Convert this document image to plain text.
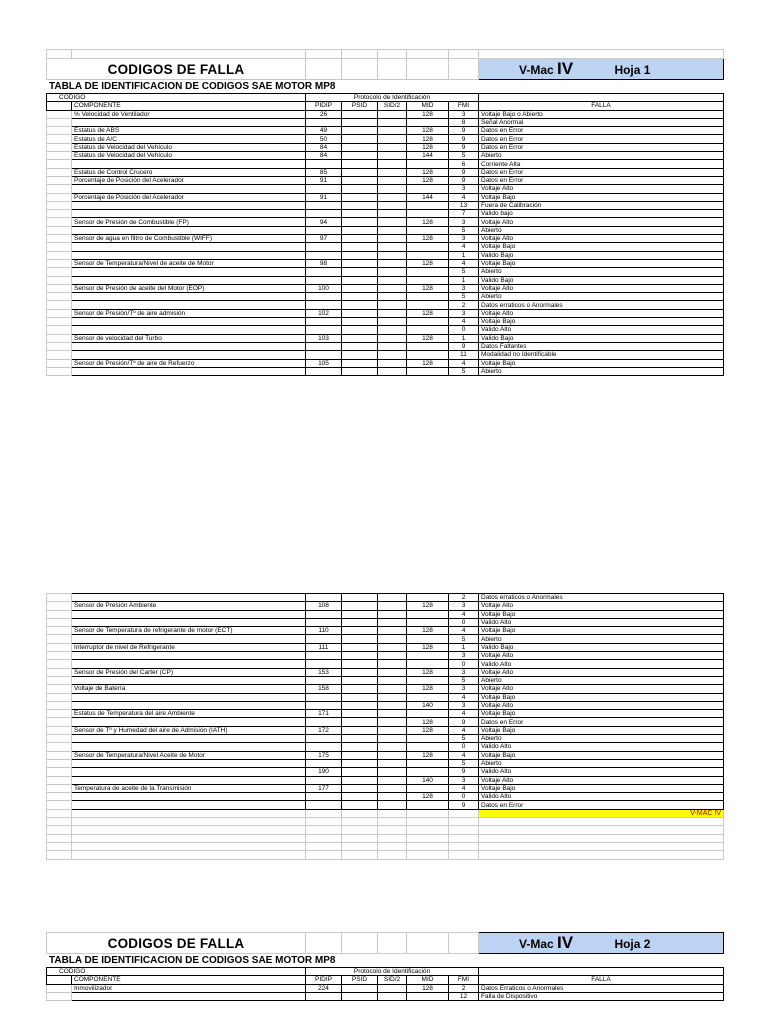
CODIGOS DE FALLA							V-Mac IV Hoja 1
TABLA DE IDENTIFICACION DE CODIGOS SAE MOTOR MP8
CODIGO		Protocolo de Identificación					
	COMPONENTE	PIDIP	PSID	SID/2	MID	FMI	FALLA
	% Velocidad de Ventilador	26			128	3	Voltaje Bajo o Abierto
						8	Señal Anormal
	Estatus de ABS	49			128	9	Datos en Error
	Estatus de A/C	50			128	9	Datos en Error
	Estatus de Velocidad del Vehículo	84			128	9	Datos en Error
	Estatus de Velocidad del Vehículo	84			144	5	Abierto
						6	Corriente Alta
	Estatus de Control Crucero	85			128	9	Datos en Error
	Porcentaje de Posición del Acelerador	91			128	9	Datos en Error
						3	Voltaje Alto
	Porcentaje de Posición del Acelerador	91			144	4	Voltaje Bajo
						13	Fuera de Calibración
						7	Valido bajo
	Sensor de Presión de Combustible (FP)	94			128	3	Voltaje Alto
						5	Abierto
	Sensor de agua en filtro de Combustible (WIFF)	97			128	3	Voltaje Alto
						4	Voltaje Bajo
						1	Valido Bajo
	Sensor de Temperatura/Nivel de aceite de Motor	98			128	4	Voltaje Bajo
						5	Abierto
						1	Valido Bajo
	Sensor de Presión de aceite del Motor (EOP)	100			128	3	Voltaje Alto
						5	Abierto
						2	Datos erraticos o Anormales
	Sensor de Presión/Tº de aire admisión	102			128	3	Voltaje Alto
						4	Voltaje Bajo
						0	Valido Alto
	Sensor de velocidad del Turbo	103			128	1	Valido Bajo
						9	Datos Faltantes
						11	Modalidad no Identificable
	Sensor de Presión/Tº de aire de Refuerzo	105			128	4	Voltaje Bajo
						5	Abierto
						2	Datos erraticos o Anormales
	Sensor de Presión Ambiente	108			128	3	Voltaje Alto
						4	Voltaje Bajo
						0	Valido Alto
	Sensor de Temperatura de refrigerante de motor (ECT)	110			128	4	Voltaje Bajo
						5	Abierto
	Interruptor de nivel de Refrigerante	111			128	1	Valido Bajo
						3	Voltaje Alto
						0	Valido Alto
	Sensor de Presión del Carter (CP)	153			128	3	Voltaje Alto
						5	Abierto
	Voltaje de Batería	158			128	3	Voltaje Alto
						4	Voltaje Bajo
					140	3	Voltaje Alto
	Estatus de Temperatura del aire Ambiente	171				4	Voltaje Bajo
					128	9	Datos en Error
	Sensor de Tº y Humedad del aire de Admisión (IATH)	172			128	4	Voltaje Bajo
						5	Abierto
						0	Valido Alto
	Sensor de Temperatura/Nivel Aceite de Motor	175			128	4	Voltaje Bajo
						5	Abierto
		190				9	Valido Alto
					140	3	Voltaje Alto
	Temperatura de aceite de la Transmisión	177				4	Voltaje Bajo
					128	0	Valido Alto
						9	Datos en Error
							V-MAC IV

CODIGOS DE FALLA						V-Mac IV	Hoja 2
TABLA DE IDENTIFICACION DE CODIGOS SAE MOTOR MP8
CODIGO		Protocolo de Identificación					
	COMPONENTE	PIDIP	PSID	SID/2	MID	FMI	FALLA
	Inmovilizador	224			128	2	Datos Erraticos o Anormales
						12	Falla de Dispositivo
